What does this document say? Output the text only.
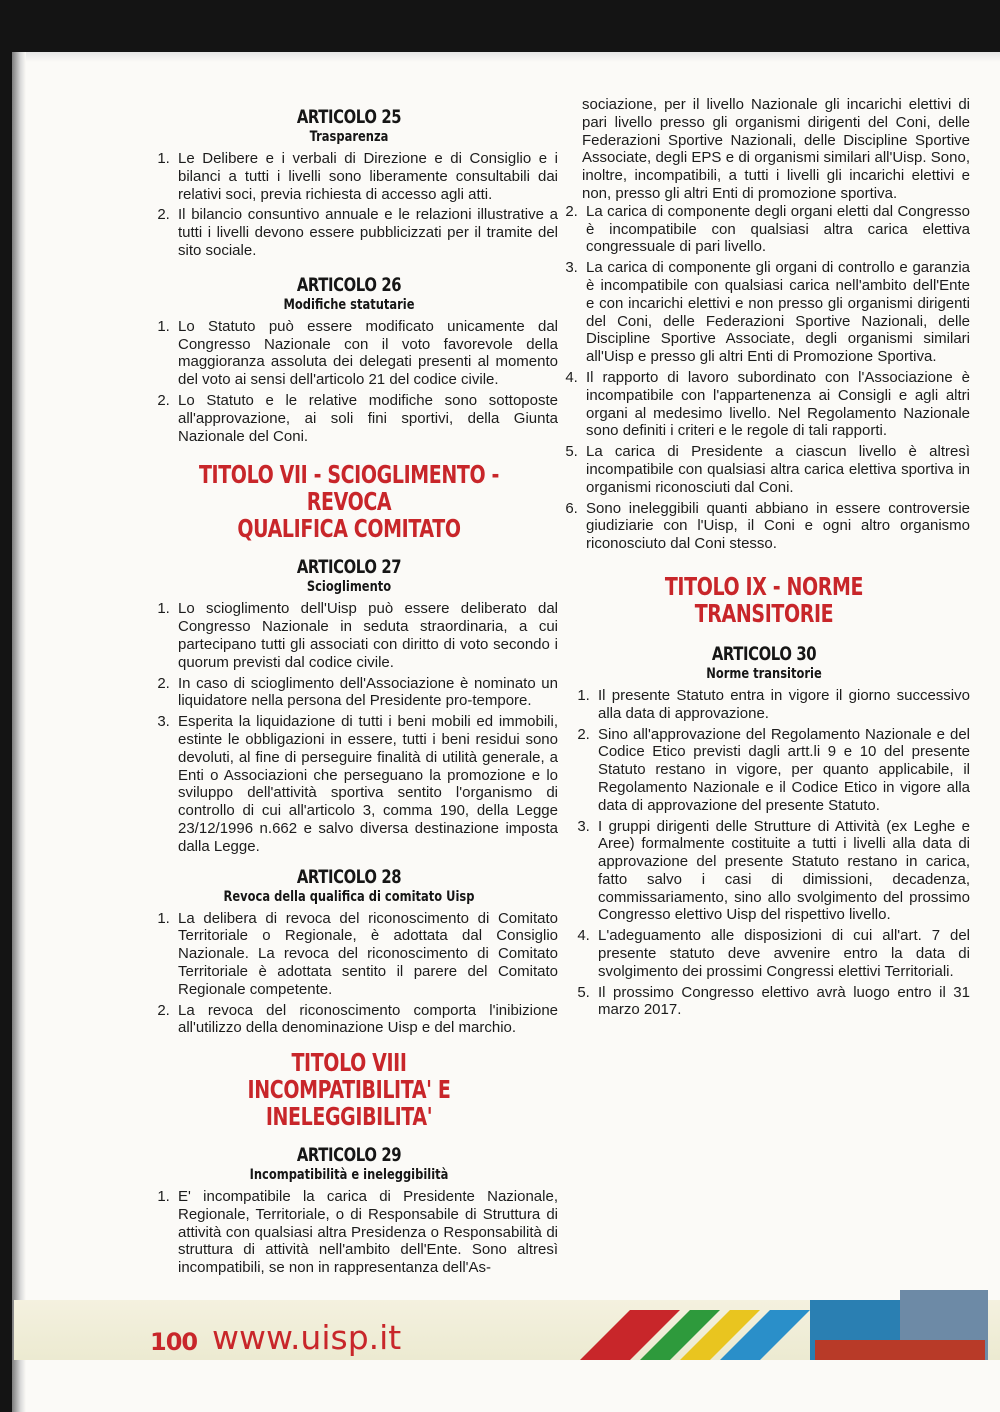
ARTICOLO 25
Trasparenza
1. Le Delibere e i verbali di Direzione e di Consiglio e i bilanci a tutti i livelli sono liberamente consultabili dai relativi soci, previa richiesta di accesso agli atti.
2. Il bilancio consuntivo annuale e le relazioni illustrative a tutti i livelli devono essere pubblicizzati per il tramite del sito sociale.
ARTICOLO 26
Modifiche statutarie
1. Lo Statuto può essere modificato unicamente dal Congresso Nazionale con il voto favorevole della maggioranza assoluta dei delegati presenti al momento del voto ai sensi dell'articolo 21 del codice civile.
2. Lo Statuto e le relative modifiche sono sottoposte all'approvazione, ai soli fini sportivi, della Giunta Nazionale del Coni.
TITOLO VII - SCIOGLIMENTO - REVOCA
QUALIFICA COMITATO
ARTICOLO 27
Scioglimento
1. Lo scioglimento dell'Uisp può essere deliberato dal Congresso Nazionale in seduta straordinaria, a cui partecipano tutti gli associati con diritto di voto secondo i quorum previsti dal codice civile.
2. In caso di scioglimento dell'Associazione è nominato un liquidatore nella persona del Presidente pro-tempore.
3. Esperita la liquidazione di tutti i beni mobili ed immobili, estinte le obbligazioni in essere, tutti i beni residui sono devoluti, al fine di perseguire finalità di utilità generale, a Enti o Associazioni che perseguano la promozione e lo sviluppo dell'attività sportiva sentito l'organismo di controllo di cui all'articolo 3, comma 190, della Legge 23/12/1996 n.662 e salvo diversa destinazione imposta dalla Legge.
ARTICOLO 28
Revoca della qualifica di comitato Uisp
1. La delibera di revoca del riconoscimento di Comitato Territoriale o Regionale, è adottata dal Consiglio Nazionale. La revoca del riconoscimento di Comitato Territoriale è adottata sentito il parere del Comitato Regionale competente.
2. La revoca del riconoscimento comporta l'inibizione all'utilizzo della denominazione Uisp e del marchio.
TITOLO VIII
INCOMPATIBILITA' E INELEGGIBILITA'
ARTICOLO 29
Incompatibilità e ineleggibilità
1. E' incompatibile la carica di Presidente Nazionale, Regionale, Territoriale, o di Responsabile di Struttura di attività con qualsiasi altra Presidenza o Responsabilità di struttura di attività nell'ambito dell'Ente. Sono altresì incompatibili, se non in rappresentanza dell'As-

sociazione, per il livello Nazionale gli incarichi elettivi di pari livello presso gli organismi dirigenti del Coni, delle Federazioni Sportive Nazionali, delle Discipline Sportive Associate, degli EPS e di organismi similari all'Uisp. Sono, inoltre, incompatibili, a tutti i livelli gli incarichi elettivi e non, presso gli altri Enti di promozione sportiva.

2. La carica di componente degli organi eletti dal Congresso è incompatibile con qualsiasi altra carica elettiva congressuale di pari livello.
3. La carica di componente gli organi di controllo e garanzia è incompatibile con qualsiasi carica nell'ambito dell'Ente e con incarichi elettivi e non presso gli organismi dirigenti del Coni, delle Federazioni Sportive Nazionali, delle Discipline Sportive Associate, degli organismi similari all'Uisp e presso gli altri Enti di Promozione Sportiva.
4. Il rapporto di lavoro subordinato con l'Associazione è incompatibile con l'appartenenza ai Consigli e agli altri organi al medesimo livello. Nel Regolamento Nazionale sono definiti i criteri e le regole di tali rapporti.
5. La carica di Presidente a ciascun livello è altresì incompatibile con qualsiasi altra carica elettiva sportiva in organismi riconosciuti dal Coni.
6. Sono ineleggibili quanti abbiano in essere controversie giudiziarie con l'Uisp, il Coni e ogni altro organismo riconosciuto dal Coni stesso.
TITOLO IX - NORME TRANSITORIE
ARTICOLO 30
Norme transitorie
1. Il presente Statuto entra in vigore il giorno successivo alla data di approvazione.
2. Sino all'approvazione del Regolamento Nazionale e del Codice Etico previsti dagli artt.li 9 e 10 del presente Statuto restano in vigore, per quanto applicabile, il Regolamento Nazionale e il Codice Etico in vigore alla data di approvazione del presente Statuto.
3. I gruppi dirigenti delle Strutture di Attività (ex Leghe e Aree) formalmente costituite a tutti i livelli alla data di approvazione del presente Statuto restano in carica, fatto salvo i casi di dimissioni, decadenza, commissariamento, sino allo svolgimento del prossimo Congresso elettivo Uisp del rispettivo livello.
4. L'adeguamento alle disposizioni di cui all'art. 7 del presente statuto deve avvenire entro la data di svolgimento dei prossimi Congressi elettivi Territoriali.
5. Il prossimo Congresso elettivo avrà luogo entro il 31 marzo 2017.
100 www.uisp.it
